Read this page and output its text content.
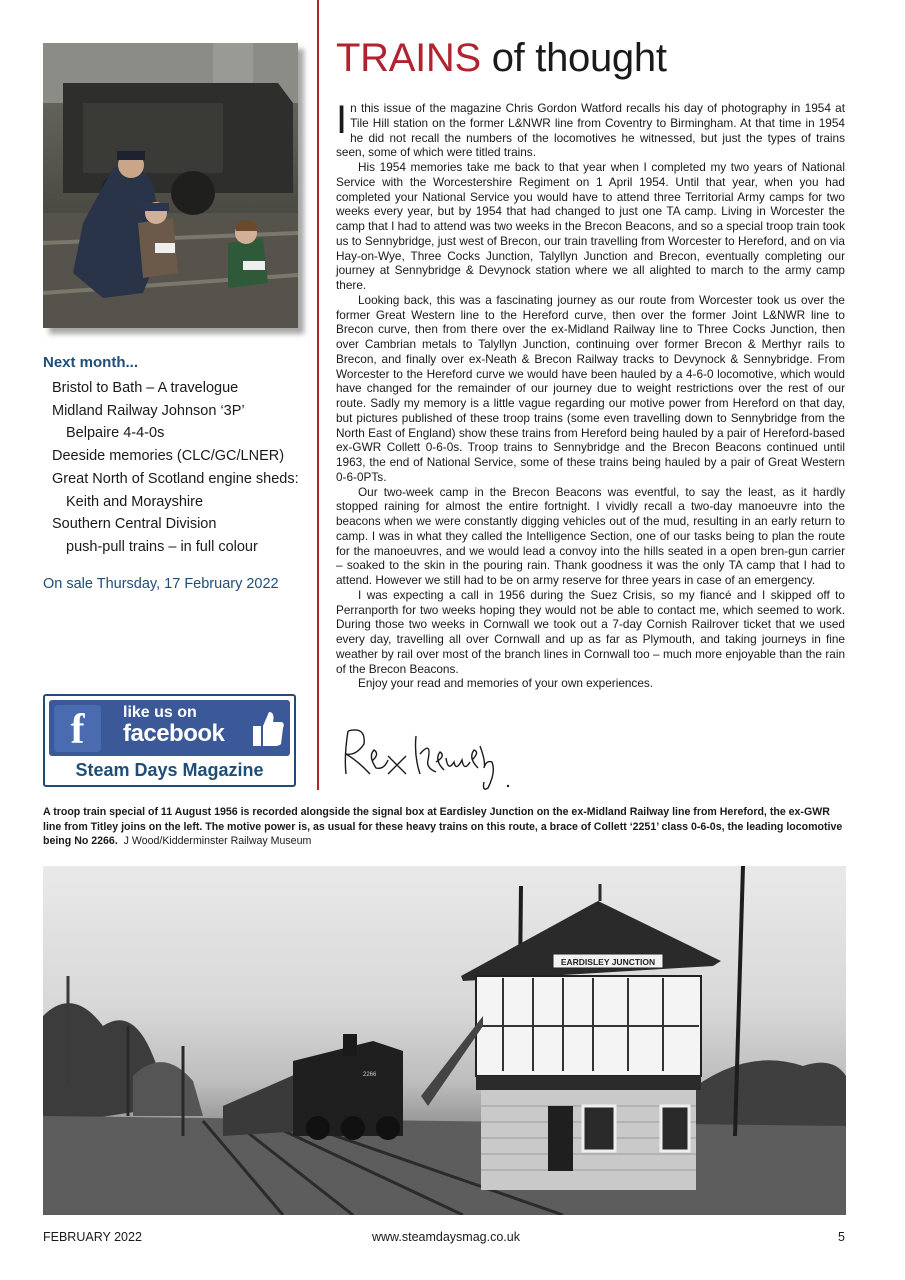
Next month...
Bristol to Bath – A travelogue
Midland Railway Johnson ‘3P’
Belpaire 4-4-0s
Deeside memories (CLC/GC/LNER)
Great North of Scotland engine sheds:
Keith and Morayshire
Southern Central Division
push-pull trains – in full colour
On sale Thursday, 17 February 2022
f	like us on
facebook
Steam Days Magazine
TRAINS of thought

In this issue of the magazine Chris Gordon Watford recalls his day of photography in 1954 at Tile Hill station on the former L&NWR line from Coventry to Birmingham. At that time in 1954 he did not recall the numbers of the locomotives he witnessed, but just the types of trains seen, some of which were titled trains.

His 1954 memories take me back to that year when I completed my two years of National Service with the Worcestershire Regiment on 1 April 1954. Until that year, when you had completed your National Service you would have to attend three Territorial Army camps for two weeks every year, but by 1954 that had changed to just one TA camp. Living in Worcester the camp that I had to attend was two weeks in the Brecon Beacons, and so a special troop train took us to Sennybridge, just west of Brecon, our train travelling from Worcester to Hereford, and on via Hay-on-Wye, Three Cocks Junction, Talyllyn Junction and Brecon, eventually completing our journey at Sennybridge & Devynock station where we all alighted to march to the army camp there.

Looking back, this was a fascinating journey as our route from Worcester took us over the former Great Western line to the Hereford curve, then over the former Joint L&NWR line to Brecon curve, then from there over the ex-Midland Railway line to Three Cocks Junction, then over Cambrian metals to Talyllyn Junction, continuing over former Brecon & Merthyr rails to Brecon, and finally over ex-Neath & Brecon Railway tracks to Devynock & Sennybridge. From Worcester to the Hereford curve we would have been hauled by a 4-6-0 locomotive, which would have changed for the remainder of our journey due to weight restrictions over the rest of our route. Sadly my memory is a little vague regarding our motive power from Hereford on that day, but pictures published of these troop trains (some even travelling down to Sennybridge from the North East of England) show these trains from Hereford being hauled by a pair of Hereford-based ex-GWR Collett 0-6-0s. Troop trains to Sennybridge and the Brecon Beacons continued until 1963, the end of National Service, some of these trains being hauled by a pair of Great Western 0-6-0PTs.

Our two-week camp in the Brecon Beacons was eventful, to say the least, as it hardly stopped raining for almost the entire fortnight. I vividly recall a two-day manoeuvre into the beacons when we were constantly digging vehicles out of the mud, resulting in an early return to camp. I was in what they called the Intelligence Section, one of our tasks being to plan the route for the manoeuvres, and we would lead a convoy into the hills seated in a open bren-gun carrier – soaked to the skin in the pouring rain. Thank goodness it was the only TA camp that I had to attend. However we still had to be on army reserve for three years in case of an emergency.

I was expecting a call in 1956 during the Suez Crisis, so my fiancé and I skipped off to Perranporth for two weeks hoping they would not be able to contact me, which seemed to work. During those two weeks in Cornwall we took out a 7-day Cornish Railrover ticket that we used every day, travelling all over Cornwall and up as far as Plymouth, and taking journeys in fine weather by rail over most of the branch lines in Cornwall too – much more enjoyable than the rain of the Brecon Beacons.

Enjoy your read and memories of your own experiences.

A troop train special of 11 August 1956 is recorded alongside the signal box at Eardisley Junction on the ex-Midland Railway line from Hereford, the ex-GWR line from Titley joins on the left. The motive power is, as usual for these heavy trains on this route, a brace of Collett ‘2251’ class 0-6-0s, the leading locomotive being No 2266. J Wood/Kidderminster Railway Museum
2266
EARDISLEY JUNCTION
FEBRUARY 2022	www.steamdaysmag.co.uk	5
